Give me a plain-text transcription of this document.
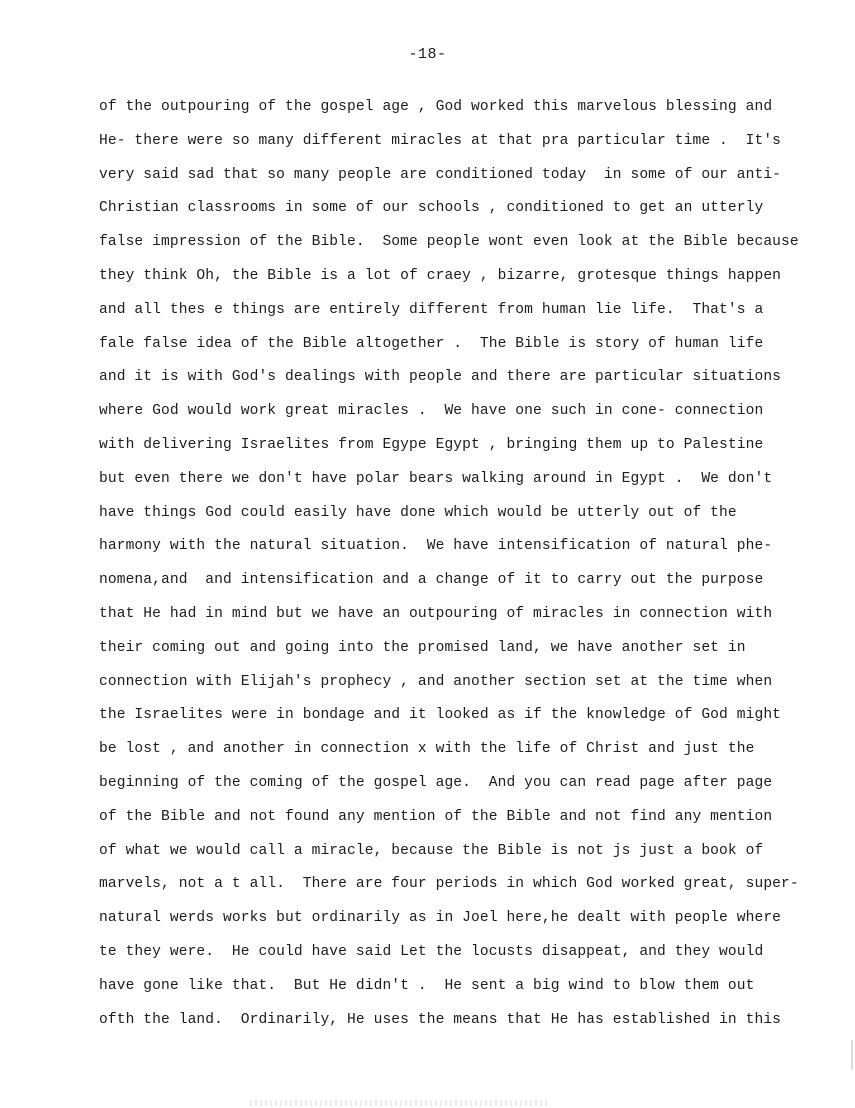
-18-
of the outpouring of the gospel age , God worked this marvelous blessing and
He- there were so many different miracles at that pra particular time .  It's
very said sad that so many people are conditioned today  in some of our anti-
Christian classrooms in some of our schools , conditioned to get an utterly
false impression of the Bible.  Some people wont even look at the Bible because
they think Oh, the Bible is a lot of craey , bizarre, grotesque things happen
and all thes e things are entirely different from human lie life.  That's a
fale false idea of the Bible altogether .  The Bible is story of human life
and it is with God's dealings with people and there are particular situations
where God would work great miracles .  We have one such in cone- connection
with delivering Israelites from Egype Egypt , bringing them up to Palestine
but even there we don't have polar bears walking around in Egypt .  We don't
have things God could easily have done which would be utterly out of the
harmony with the natural situation.  We have intensification of natural phe-
nomena,and  and intensification and a change of it to carry out the purpose
that He had in mind but we have an outpouring of miracles in connection with
their coming out and going into the promised land, we have another set in
connection with Elijah's prophecy , and another section set at the time when
the Israelites were in bondage and it looked as if the knowledge of God might
be lost , and another in connection x with the life of Christ and just the
beginning of the coming of the gospel age.  And you can read page after page
of the Bible and not found any mention of the Bible and not find any mention
of what we would call a miracle, because the Bible is not js just a book of
marvels, not a t all.  There are four periods in which God worked great, super-
natural werds works but ordinarily as in Joel here,he dealt with people where
te they were.  He could have said Let the locusts disappeat, and they would
have gone like that.  But He didn't .  He sent a big wind to blow them out
ofth the land.  Ordinarily, He uses the means that He has established in this
